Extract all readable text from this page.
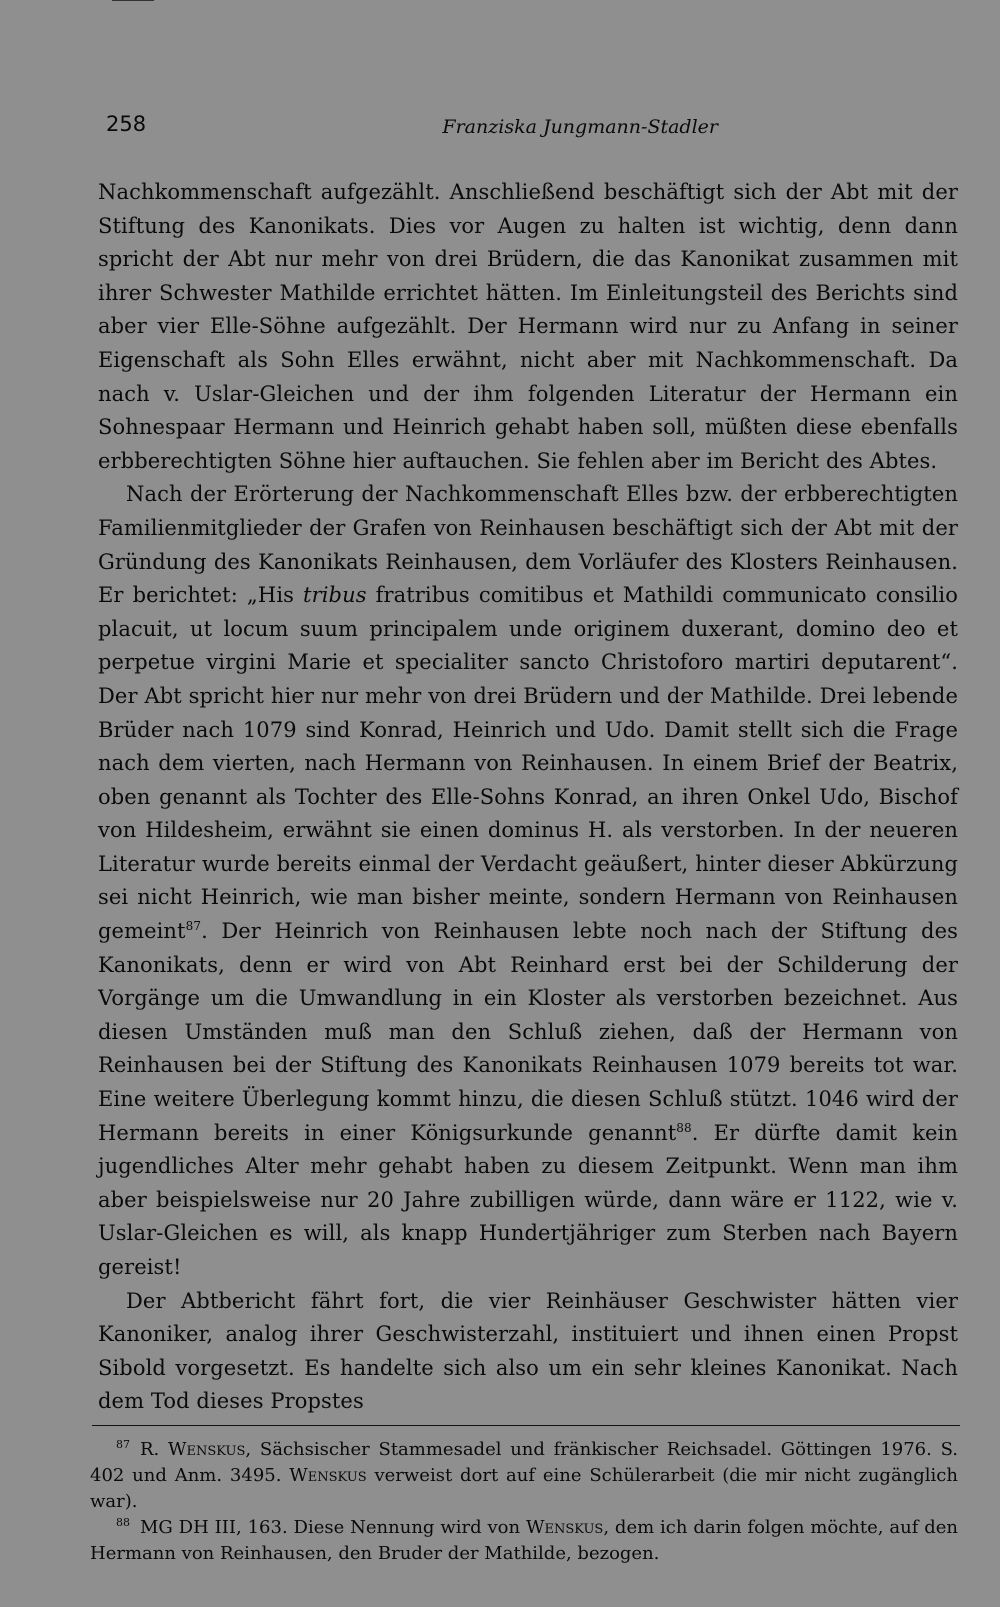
258	Franziska Jungmann-Stadler

Nachkommenschaft aufgezählt. Anschließend beschäftigt sich der Abt mit der Stiftung des Kanonikats. Dies vor Augen zu halten ist wichtig, denn dann spricht der Abt nur mehr von drei Brüdern, die das Kanonikat zusammen mit ihrer Schwester Mathilde errichtet hätten. Im Einleitungsteil des Berichts sind aber vier Elle-Söhne aufgezählt. Der Hermann wird nur zu Anfang in seiner Eigenschaft als Sohn Elles erwähnt, nicht aber mit Nachkommenschaft. Da nach v. Uslar-Gleichen und der ihm folgenden Literatur der Hermann ein Sohnespaar Hermann und Heinrich gehabt haben soll, müßten diese ebenfalls erbberechtigten Söhne hier auftauchen. Sie fehlen aber im Bericht des Abtes.

Nach der Erörterung der Nachkommenschaft Elles bzw. der erbberechtigten Familienmitglieder der Grafen von Reinhausen beschäftigt sich der Abt mit der Gründung des Kanonikats Reinhausen, dem Vorläufer des Klosters Reinhausen. Er berichtet: „His tribus fratribus comitibus et Mathildi communicato consilio placuit, ut locum suum principalem unde originem duxerant, domino deo et perpetue virgini Marie et specialiter sancto Christoforo martiri deputarent“. Der Abt spricht hier nur mehr von drei Brüdern und der Mathilde. Drei lebende Brüder nach 1079 sind Konrad, Heinrich und Udo. Damit stellt sich die Frage nach dem vierten, nach Hermann von Reinhausen. In einem Brief der Beatrix, oben genannt als Tochter des Elle-Sohns Konrad, an ihren Onkel Udo, Bischof von Hildesheim, erwähnt sie einen dominus H. als verstorben. In der neueren Literatur wurde bereits einmal der Verdacht geäußert, hinter dieser Abkürzung sei nicht Heinrich, wie man bisher meinte, sondern Hermann von Reinhausen gemeint$^{87}$. Der Heinrich von Reinhausen lebte noch nach der Stiftung des Kanonikats, denn er wird von Abt Reinhard erst bei der Schilderung der Vorgänge um die Umwandlung in ein Kloster als verstorben bezeichnet. Aus diesen Umständen muß man den Schluß ziehen, daß der Hermann von Reinhausen bei der Stiftung des Kanonikats Reinhausen 1079 bereits tot war. Eine weitere Überlegung kommt hinzu, die diesen Schluß stützt. 1046 wird der Hermann bereits in einer Königsurkunde genannt$^{88}$. Er dürfte damit kein jugendliches Alter mehr gehabt haben zu diesem Zeitpunkt. Wenn man ihm aber beispielsweise nur 20 Jahre zubilligen würde, dann wäre er 1122, wie v. Uslar-Gleichen es will, als knapp Hundertjähriger zum Sterben nach Bayern gereist!

Der Abtbericht fährt fort, die vier Reinhäuser Geschwister hätten vier Kanoniker, analog ihrer Geschwisterzahl, instituiert und ihnen einen Propst Sibold vorgesetzt. Es handelte sich also um ein sehr kleines Kanonikat. Nach dem Tod dieses Propstes

$^{87}$ R. Wenskus, Sächsischer Stammesadel und fränkischer Reichsadel. Göttingen 1976. S. 402 und Anm. 3495. Wenskus verweist dort auf eine Schülerarbeit (die mir nicht zugänglich war).

$^{88}$ MG DH III, 163. Diese Nennung wird von Wenskus, dem ich darin folgen möchte, auf den Hermann von Reinhausen, den Bruder der Mathilde, bezogen.
